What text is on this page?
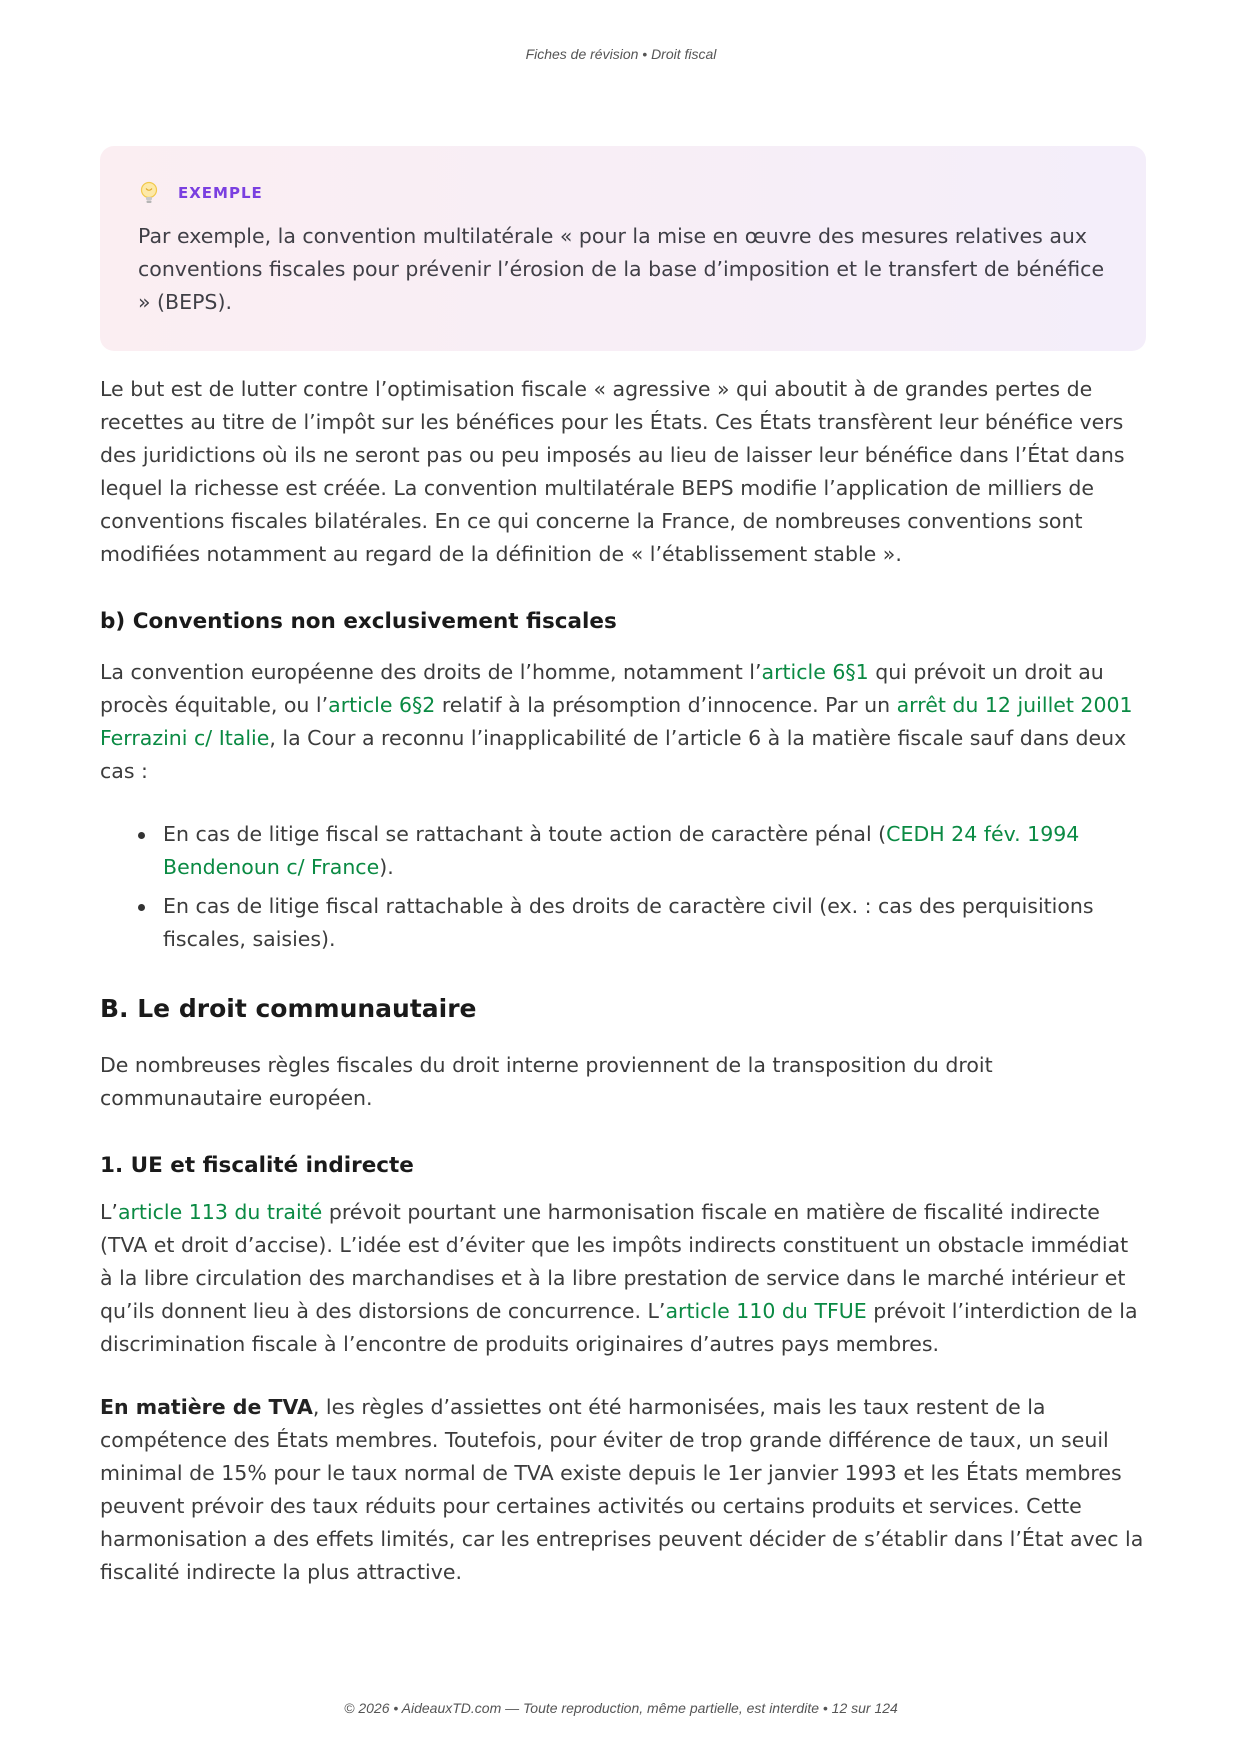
Fiches de révision • Droit fiscal
EXEMPLE
Par exemple, la convention multilatérale « pour la mise en œuvre des mesures relatives aux conventions fiscales pour prévenir l’érosion de la base d’imposition et le transfert de bénéfice » (BEPS).

Le but est de lutter contre l’optimisation fiscale « agressive » qui aboutit à de grandes pertes de recettes au titre de l’impôt sur les bénéfices pour les États. Ces États transfèrent leur bénéfice vers des juridictions où ils ne seront pas ou peu imposés au lieu de laisser leur bénéfice dans l’État dans lequel la richesse est créée. La convention multilatérale BEPS modifie l’application de milliers de conventions fiscales bilatérales. En ce qui concerne la France, de nombreuses conventions sont modifiées notamment au regard de la définition de « l’établissement stable ».

b) Conventions non exclusivement fiscales

La convention européenne des droits de l’homme, notamment l’article 6§1 qui prévoit un droit au procès équitable, ou l’article 6§2 relatif à la présomption d’innocence. Par un arrêt du 12 juillet 2001 Ferrazini c/ Italie, la Cour a reconnu l’inapplicabilité de l’article 6 à la matière fiscale sauf dans deux cas :

En cas de litige fiscal se rattachant à toute action de caractère pénal (CEDH 24 fév. 1994 Bendenoun c/ France).
En cas de litige fiscal rattachable à des droits de caractère civil (ex. : cas des perquisitions fiscales, saisies).
B. Le droit communautaire

De nombreuses règles fiscales du droit interne proviennent de la transposition du droit communautaire européen.

1. UE et fiscalité indirecte

L’article 113 du traité prévoit pourtant une harmonisation fiscale en matière de fiscalité indirecte (TVA et droit d’accise). L’idée est d’éviter que les impôts indirects constituent un obstacle immédiat à la libre circulation des marchandises et à la libre prestation de service dans le marché intérieur et qu’ils donnent lieu à des distorsions de concurrence. L’article 110 du TFUE prévoit l’interdiction de la discrimination fiscale à l’encontre de produits originaires d’autres pays membres.

En matière de TVA, les règles d’assiettes ont été harmonisées, mais les taux restent de la compétence des États membres. Toutefois, pour éviter de trop grande différence de taux, un seuil minimal de 15% pour le taux normal de TVA existe depuis le 1er janvier 1993 et les États membres peuvent prévoir des taux réduits pour certaines activités ou certains produits et services. Cette harmonisation a des effets limités, car les entreprises peuvent décider de s’établir dans l’État avec la fiscalité indirecte la plus attractive.

© 2026 • AideauxTD.com — Toute reproduction, même partielle, est interdite • 12 sur 124
